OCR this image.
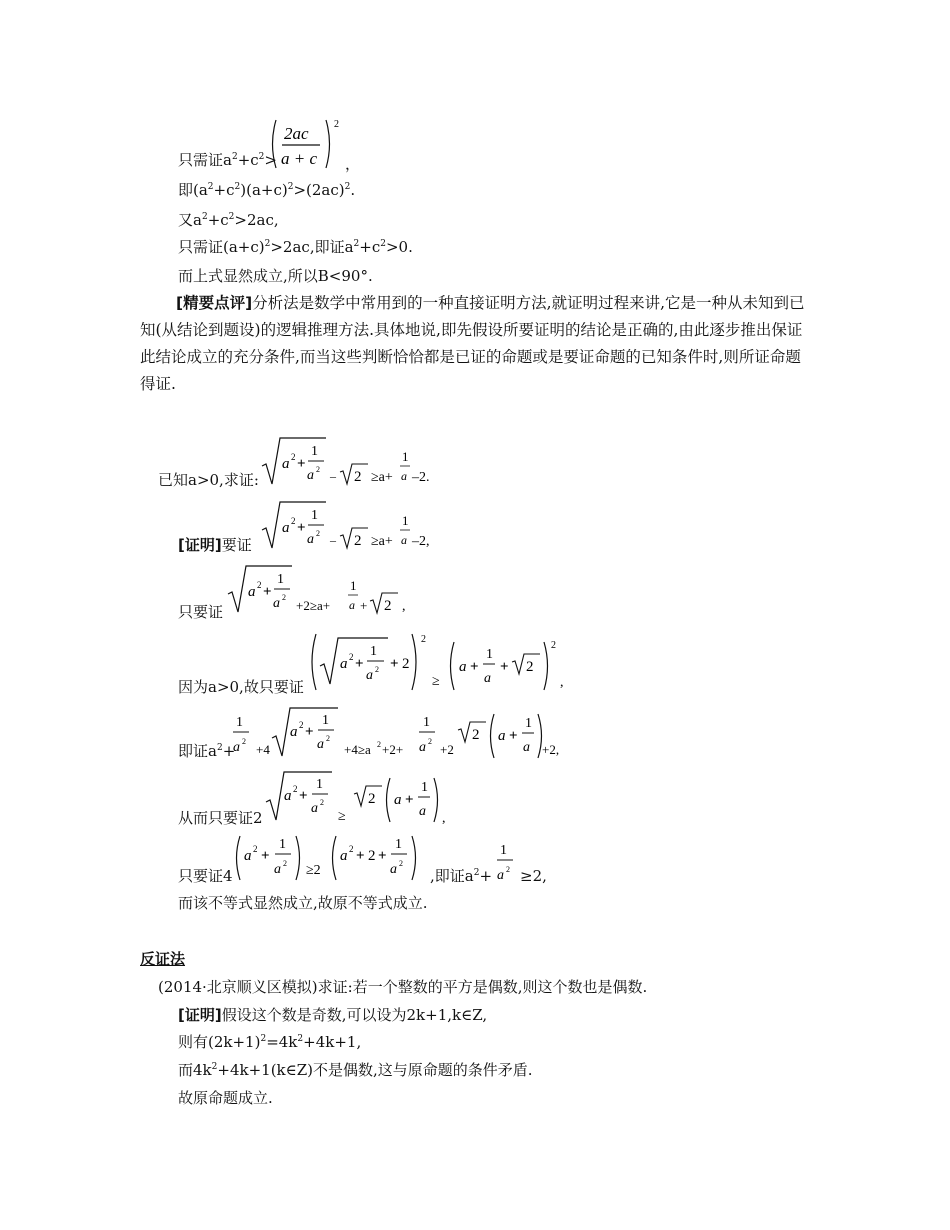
只需证$a^2+c^2>$
2ac
a + c
2
，
即$(a^2+c^2)(a+c)^2>(2ac)^2$.
又$a^2+c^2>2ac$,
只需证$(a+c)^2>2ac$,即证$a^2+c^2>0$.
而上式显然成立,所以B<90°.
[精要点评]分析法是数学中常用到的一种直接证明方法,就证明过程来讲,它是一种从未知到已知(从结论到题设)的逻辑推理方法.具体地说,即先假设所要证明的结论是正确的,由此逐步推出保证此结论成立的充分条件,而当这些判断恰恰都是已证的命题或是要证命题的已知条件时,则所证命题得证.
已知a>0,求证:
a 2 +
1
a 2 – 2 ≥a+
1
a –2.
[证明]要证
a 2 +
1
a 2 – 2 ≥a+
1
a –2,
只要证
a 2 +
1
a 2
+2≥a+
1
a + 2 ,
因为a>0,故只要证
a 2 +
1
a 2 + 2
2
≥
a +
1
a
+ 2
2
,
即证$a^2+$
1
a 2
+4
a 2 +
1
a 2
+4≥a 2 +2+
1
a 2
+2
2 a +
1
a +2,
从而只要证2
a 2 +
1
a 2
≥
2 a +
1
a ,
只要证4
a 2 +
1
a 2 ≥2
a 2 + 2 +
1
a 2
,即证$a^2+$
1
a 2 ≥2,
而该不等式显然成立,故原不等式成立.
反证法
(2014·北京顺义区模拟)求证:若一个整数的平方是偶数,则这个数也是偶数.
[证明]假设这个数是奇数,可以设为2k+1,k∈Z,
则有$(2k+1)^2=4k^2+4k+1$,
而$4k^2+4k+1(k\in Z)$不是偶数,这与原命题的条件矛盾.
故原命题成立.
